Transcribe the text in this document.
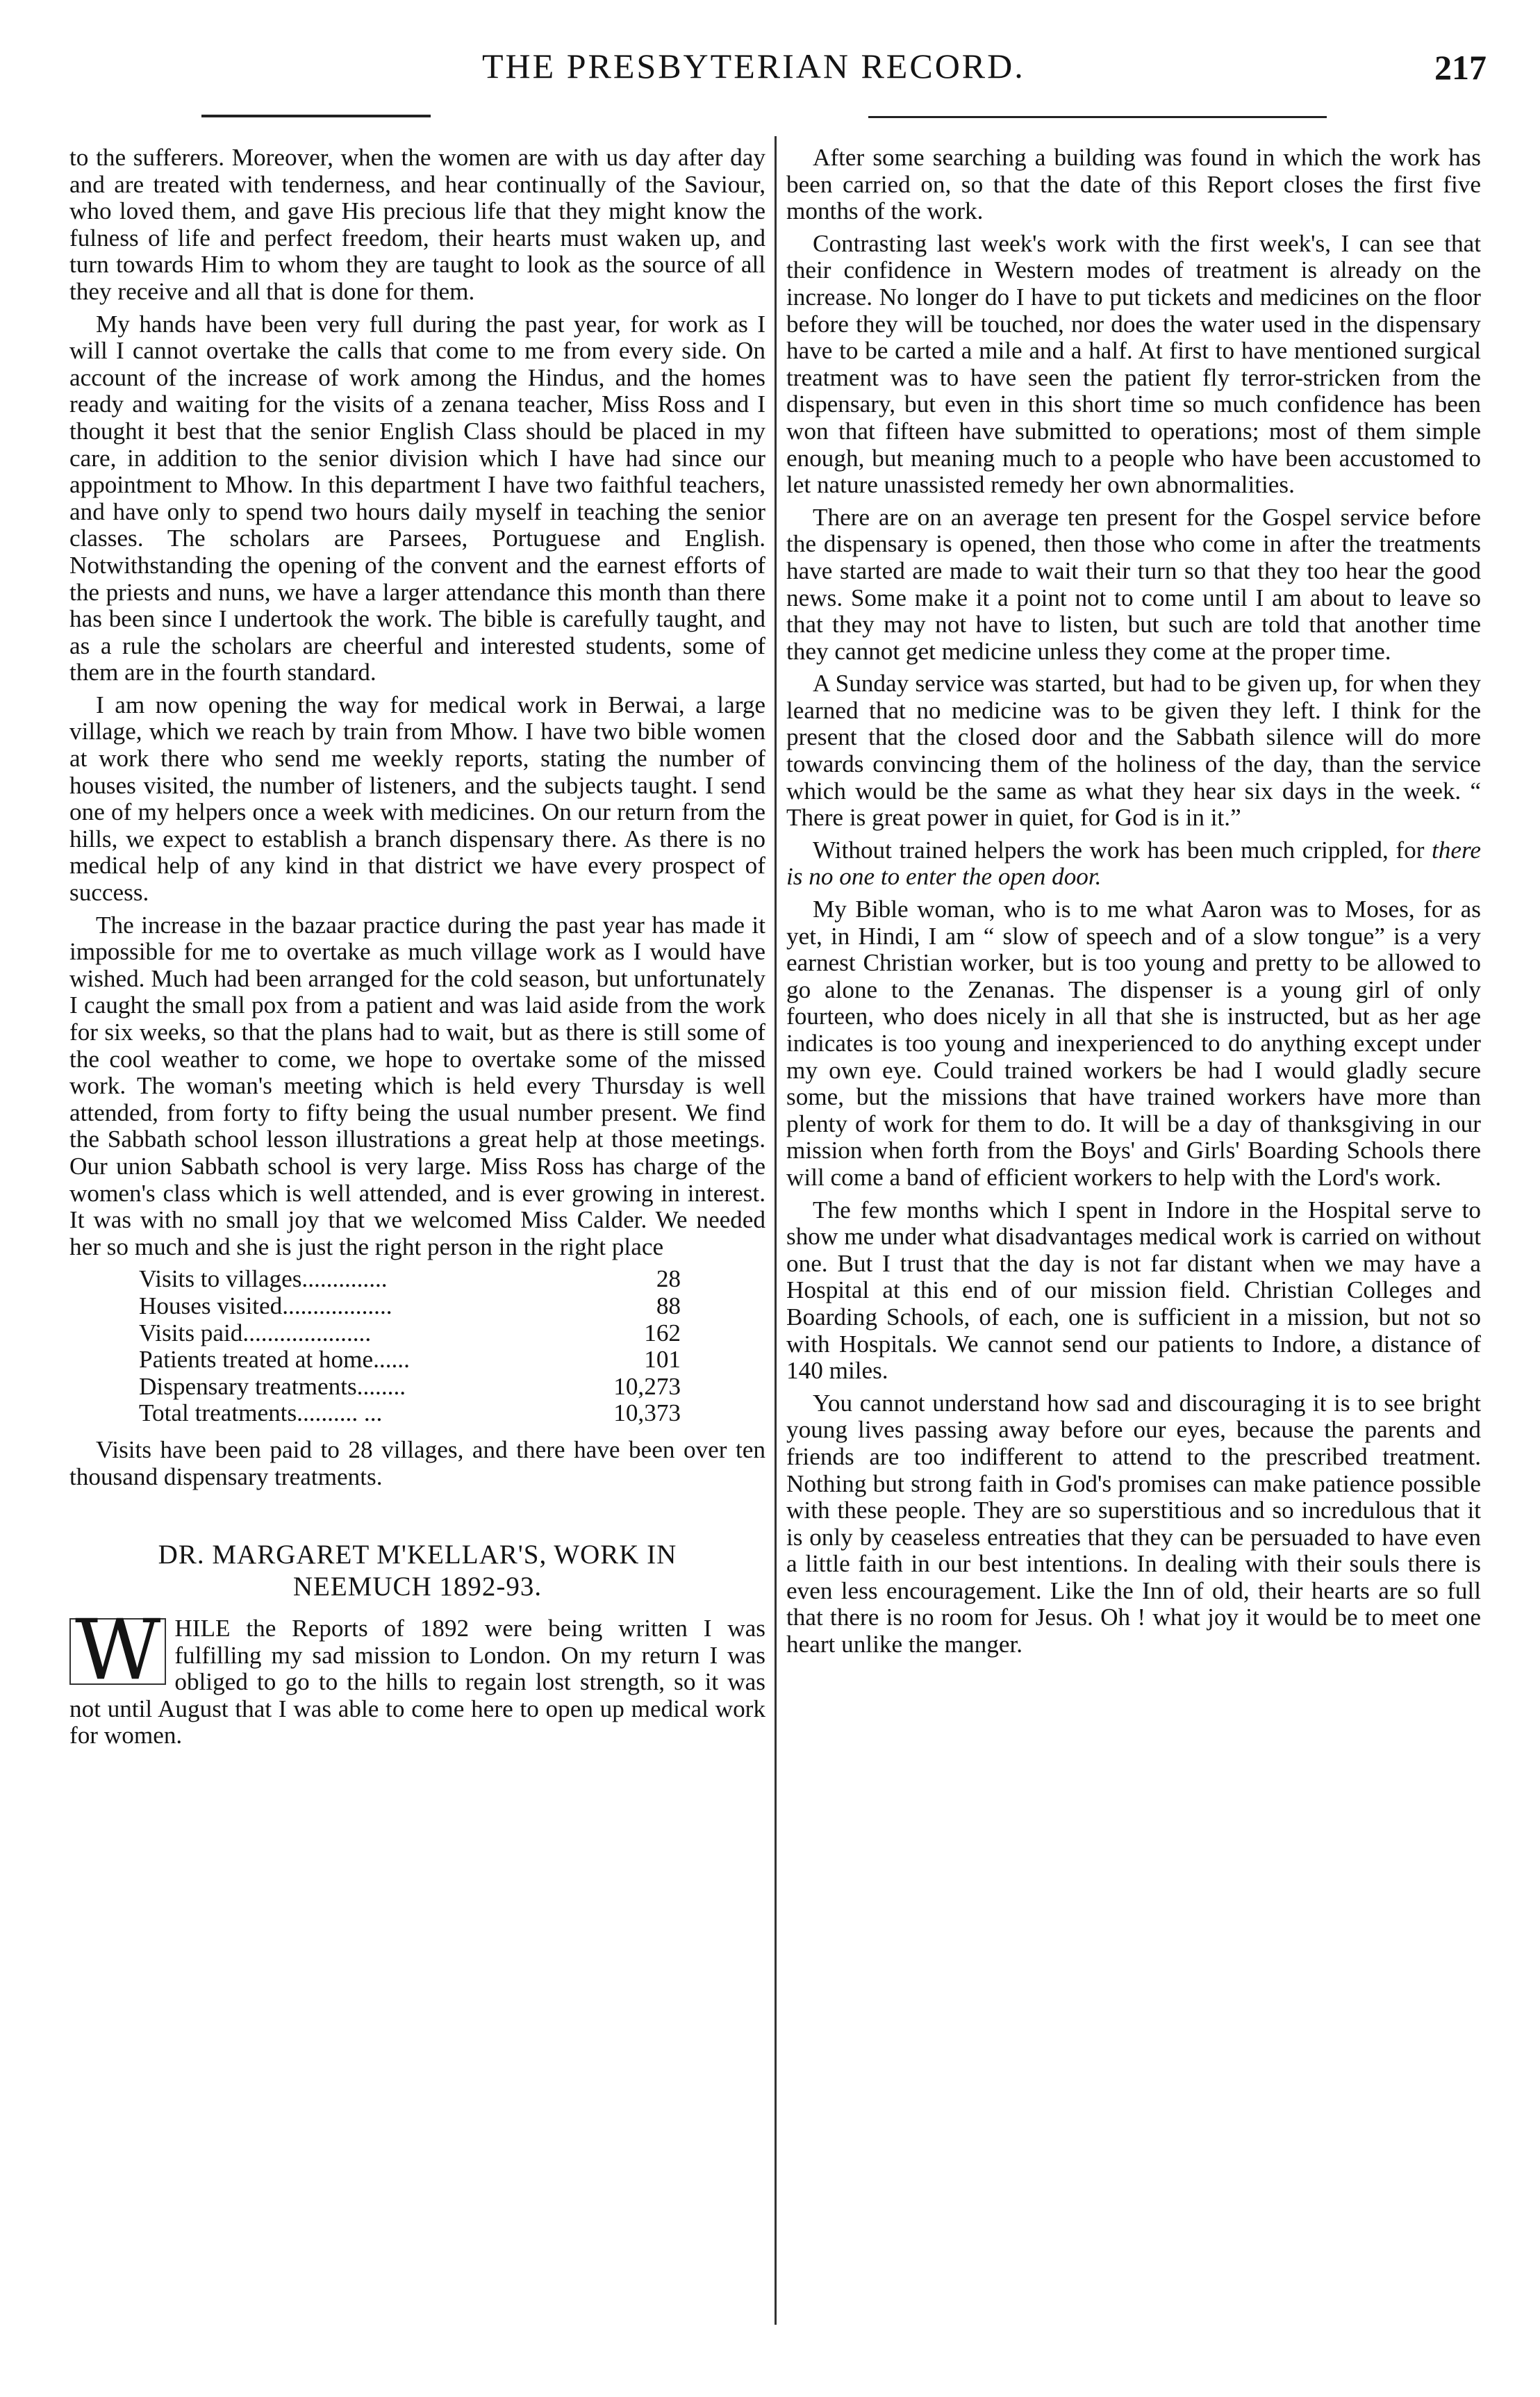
THE PRESBYTERIAN RECORD.	217

to the sufferers. Moreover, when the women are with us day after day and are treated with tenderness, and hear continually of the Saviour, who loved them, and gave His precious life that they might know the fulness of life and perfect freedom, their hearts must waken up, and turn towards Him to whom they are taught to look as the source of all they receive and all that is done for them.

My hands have been very full during the past year, for work as I will I cannot overtake the calls that come to me from every side. On account of the increase of work among the Hindus, and the homes ready and waiting for the visits of a zenana teacher, Miss Ross and I thought it best that the senior English Class should be placed in my care, in addition to the senior division which I have had since our appointment to Mhow. In this department I have two faithful teachers, and have only to spend two hours daily myself in teaching the senior classes. The scholars are Parsees, Portuguese and English. Notwithstanding the opening of the convent and the earnest efforts of the priests and nuns, we have a larger attendance this month than there has been since I undertook the work. The bible is carefully taught, and as a rule the scholars are cheerful and interested students, some of them are in the fourth standard.

I am now opening the way for medical work in Berwai, a large village, which we reach by train from Mhow. I have two bible women at work there who send me weekly reports, stating the number of houses visited, the number of listeners, and the subjects taught. I send one of my helpers once a week with medicines. On our return from the hills, we expect to establish a branch dispensary there. As there is no medical help of any kind in that district we have every prospect of success.

The increase in the bazaar practice during the past year has made it impossible for me to overtake as much village work as I would have wished. Much had been arranged for the cold season, but unfortunately I caught the small pox from a patient and was laid aside from the work for six weeks, so that the plans had to wait, but as there is still some of the cool weather to come, we hope to overtake some of the missed work. The woman's meeting which is held every Thursday is well attended, from forty to fifty being the usual number present. We find the Sabbath school lesson illustrations a great help at those meetings. Our union Sabbath school is very large. Miss Ross has charge of the women's class which is well attended, and is ever growing in interest. It was with no small joy that we welcomed Miss Calder. We needed her so much and she is just the right person in the right place

Visits to villages..............	28
Houses visited..................	88
Visits paid.....................	162
Patients treated at home......	101
Dispensary treatments........	10,273
Total treatments.......... ...	10,373

Visits have been paid to 28 villages, and there have been over ten thousand dispensary treatments.

DR. MARGARET M'KELLAR'S, WORK IN
NEEMUCH 1892-93.

W HILE the Reports of 1892 were being written I was fulfilling my sad mission to London. On my return I was obliged to go to the hills to regain lost strength, so it was not until August that I was able to come here to open up medical work for women.

After some searching a building was found in which the work has been carried on, so that the date of this Report closes the first five months of the work.

Contrasting last week's work with the first week's, I can see that their confidence in Western modes of treatment is already on the increase. No longer do I have to put tickets and medicines on the floor before they will be touched, nor does the water used in the dispensary have to be carted a mile and a half. At first to have mentioned surgical treatment was to have seen the patient fly terror-stricken from the dispensary, but even in this short time so much confidence has been won that fifteen have submitted to operations; most of them simple enough, but meaning much to a people who have been accustomed to let nature unassisted remedy her own abnormalities.

There are on an average ten present for the Gospel service before the dispensary is opened, then those who come in after the treatments have started are made to wait their turn so that they too hear the good news. Some make it a point not to come until I am about to leave so that they may not have to listen, but such are told that another time they cannot get medicine unless they come at the proper time.

A Sunday service was started, but had to be given up, for when they learned that no medicine was to be given they left. I think for the present that the closed door and the Sabbath silence will do more towards convincing them of the holiness of the day, than the service which would be the same as what they hear six days in the week. “ There is great power in quiet, for God is in it.”

Without trained helpers the work has been much crippled, for there is no one to enter the open door.

My Bible woman, who is to me what Aaron was to Moses, for as yet, in Hindi, I am “ slow of speech and of a slow tongue” is a very earnest Christian worker, but is too young and pretty to be allowed to go alone to the Zenanas. The dispenser is a young girl of only fourteen, who does nicely in all that she is instructed, but as her age indicates is too young and inexperienced to do anything except under my own eye. Could trained workers be had I would gladly secure some, but the missions that have trained workers have more than plenty of work for them to do. It will be a day of thanksgiving in our mission when forth from the Boys' and Girls' Boarding Schools there will come a band of efficient workers to help with the Lord's work.

The few months which I spent in Indore in the Hospital serve to show me under what disadvantages medical work is carried on without one. But I trust that the day is not far distant when we may have a Hospital at this end of our mission field. Christian Colleges and Boarding Schools, of each, one is sufficient in a mission, but not so with Hospitals. We cannot send our patients to Indore, a distance of 140 miles.

You cannot understand how sad and discouraging it is to see bright young lives passing away before our eyes, because the parents and friends are too indifferent to attend to the prescribed treatment. Nothing but strong faith in God's promises can make patience possible with these people. They are so superstitious and so incredulous that it is only by ceaseless entreaties that they can be persuaded to have even a little faith in our best intentions. In dealing with their souls there is even less encouragement. Like the Inn of old, their hearts are so full that there is no room for Jesus. Oh ! what joy it would be to meet one heart unlike the manger.
